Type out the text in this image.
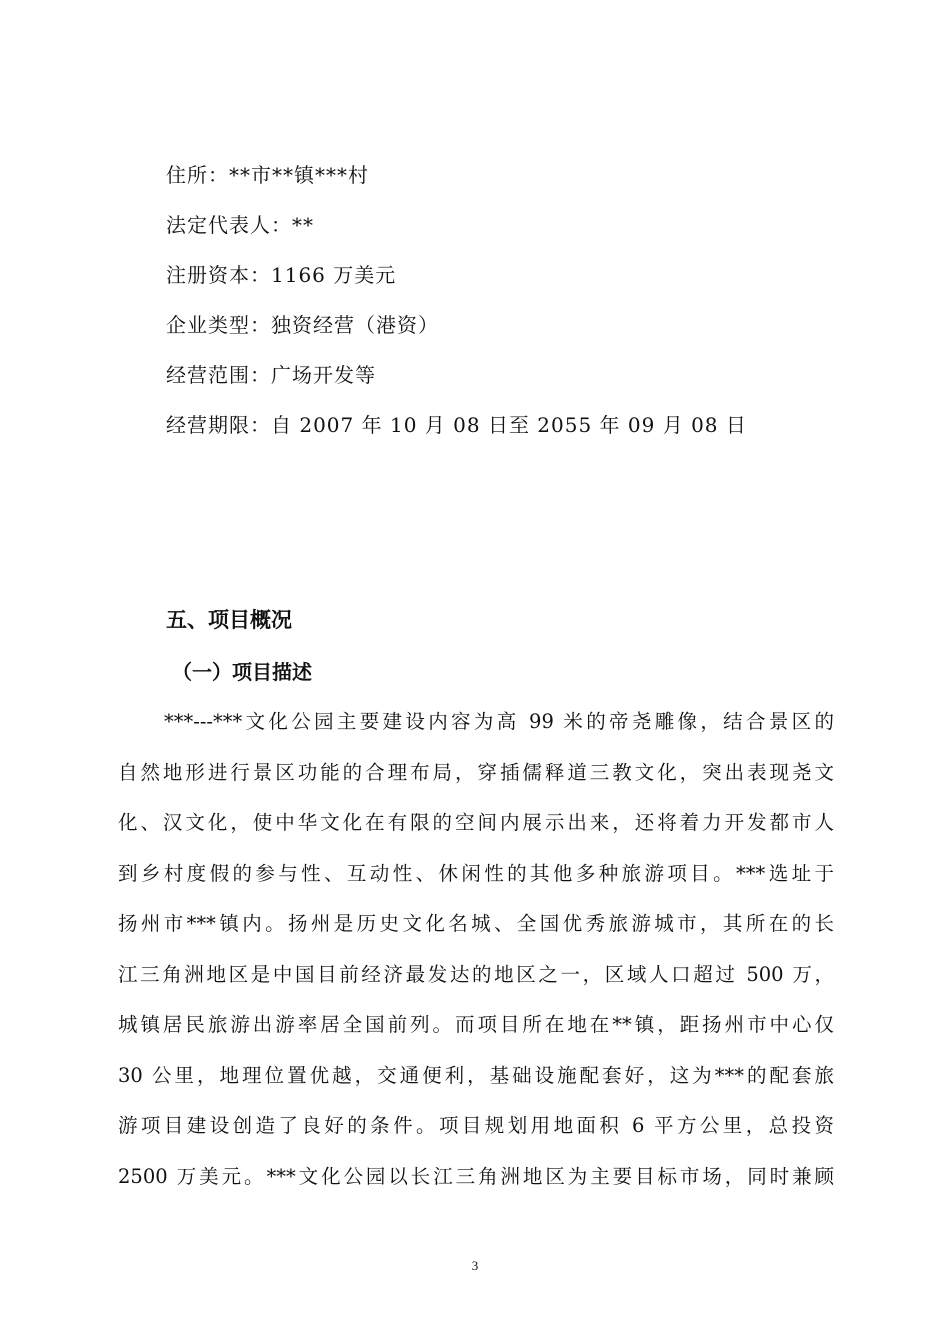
住所：**市**镇***村
法定代表人：**
注册资本：1166 万美元
企业类型：独资经营（港资）
经营范围：广场开发等
经营期限：自 2007 年 10 月 08 日至 2055 年 09 月 08 日
五、项目概况
（一）项目描述
***---***文化公园主要建设内容为高 99 米的帝尧雕像，结合景区的
自然地形进行景区功能的合理布局，穿插儒释道三教文化，突出表现尧文
化、汉文化，使中华文化在有限的空间内展示出来，还将着力开发都市人
到乡村度假的参与性、互动性、休闲性的其他多种旅游项目。***选址于
扬州市***镇内。扬州是历史文化名城、全国优秀旅游城市，其所在的长
江三角洲地区是中国目前经济最发达的地区之一，区域人口超过 500 万，
城镇居民旅游出游率居全国前列。而项目所在地在**镇，距扬州市中心仅
30 公里，地理位置优越，交通便利，基础设施配套好，这为***的配套旅
游项目建设创造了良好的条件。项目规划用地面积 6 平方公里，总投资
2500 万美元。***文化公园以长江三角洲地区为主要目标市场，同时兼顾
3
